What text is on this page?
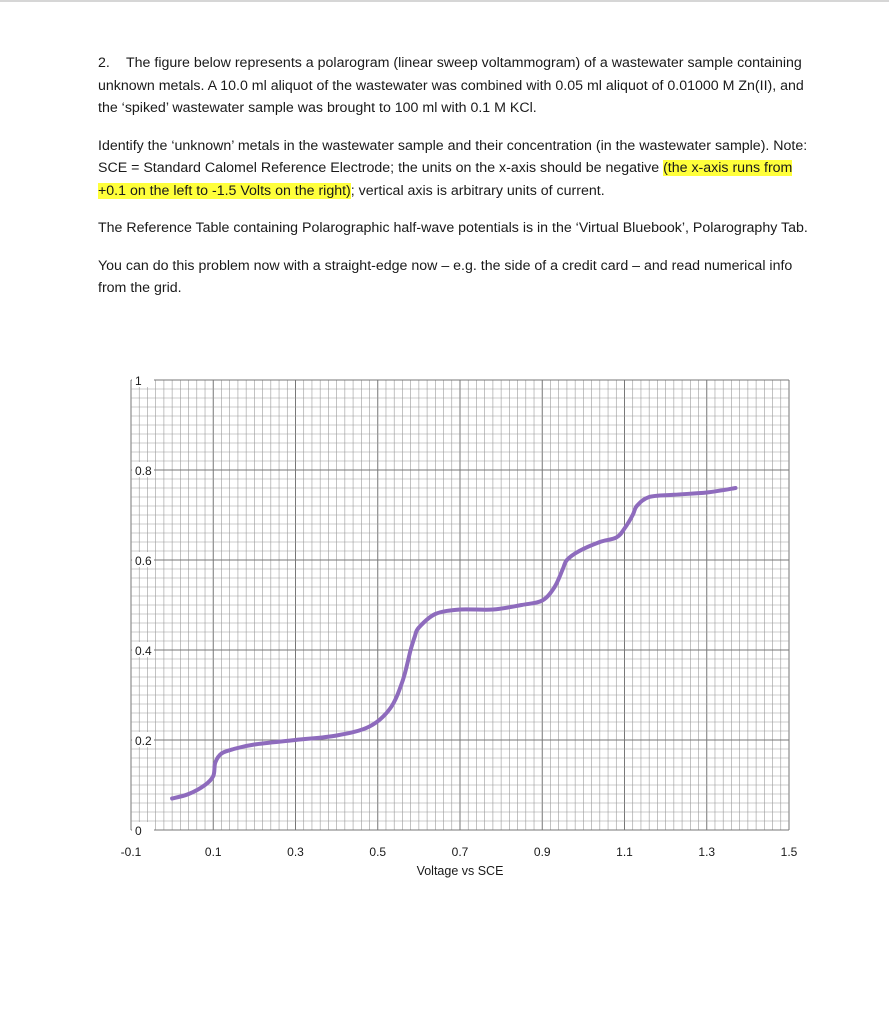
2. The figure below represents a polarogram (linear sweep voltammogram) of a wastewater sample containing unknown metals. A 10.0 ml aliquot of the wastewater was combined with 0.05 ml aliquot of 0.01000 M Zn(II), and the ‘spiked’ wastewater sample was brought to 100 ml with 0.1 M KCl.

Identify the ‘unknown’ metals in the wastewater sample and their concentration (in the wastewater sample). Note: SCE = Standard Calomel Reference Electrode; the units on the x-axis should be negative (the x-axis runs from +0.1 on the left to -1.5 Volts on the right); vertical axis is arbitrary units of current.

The Reference Table containing Polarographic half-wave potentials is in the ‘Virtual Bluebook’, Polarography Tab.

You can do this problem now with a straight-edge now – e.g. the side of a credit card – and read numerical info from the grid.

0
0.2
0.4
0.6
0.8
1
-0.1	0.1	0.3	0.5	0.7	0.9	1.1	1.3	1.5
Voltage vs SCE
